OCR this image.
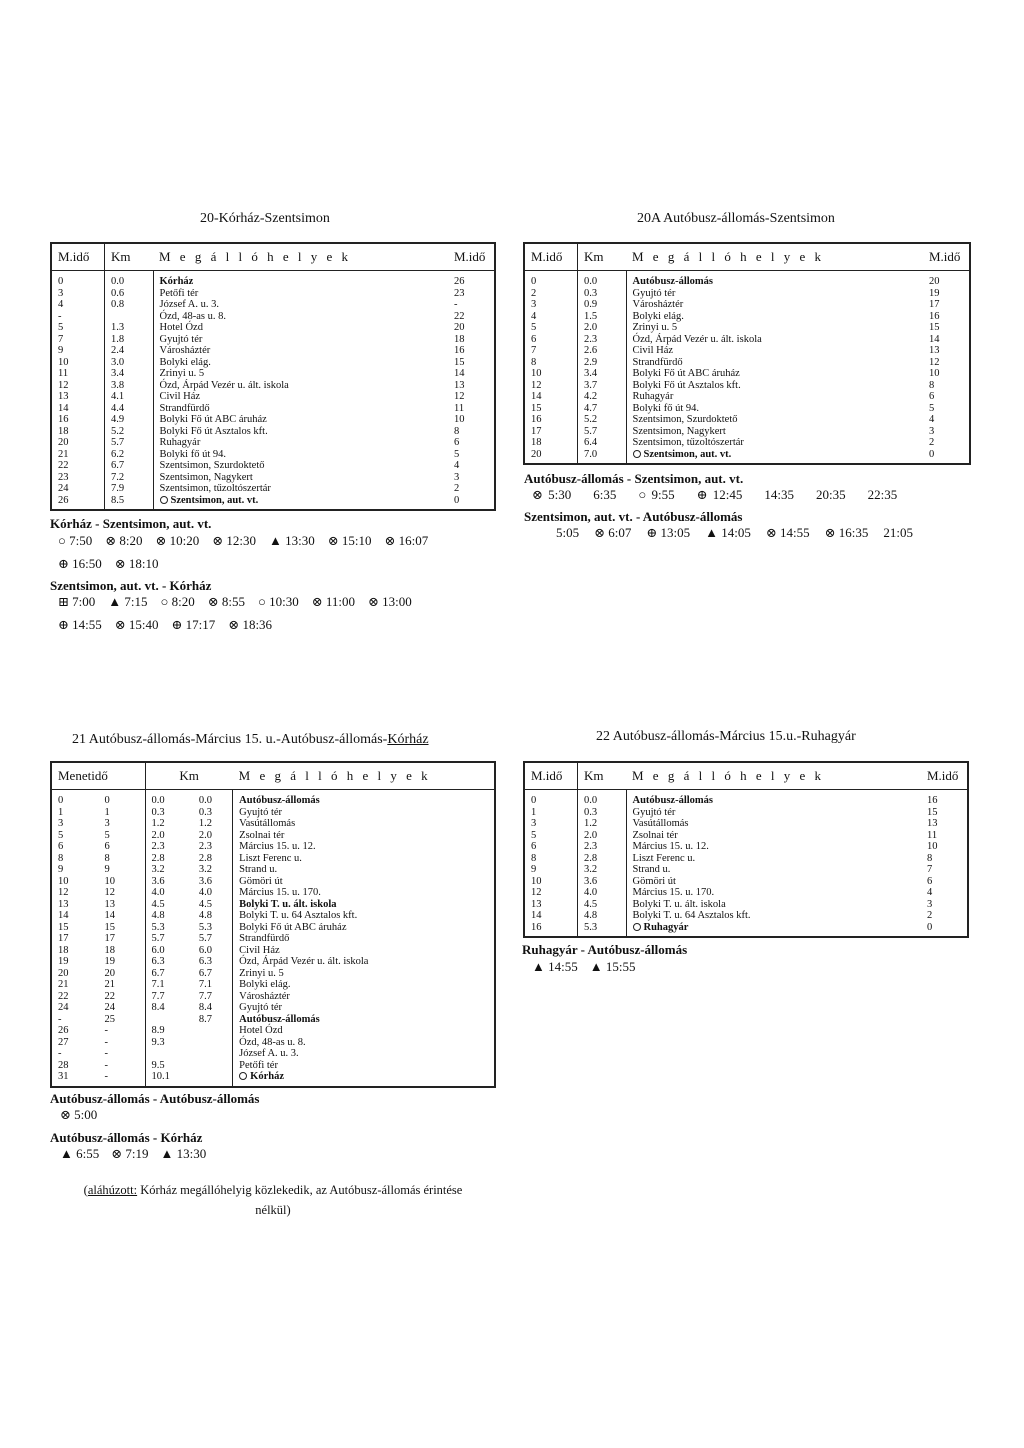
20-Kórház-Szentsimon
M.idő	Km	M e g á l l ó h e l y e k	M.idő
0	0.0	Kórház	26
3	0.6	Petőfi tér	23
4	0.8	József A. u. 3.	-
-		Ózd, 48-as u. 8.	22
5	1.3	Hotel Ózd	20
7	1.8	Gyujtó tér	18
9	2.4	Városháztér	16
10	3.0	Bolyki elág.	15
11	3.4	Zrinyi u. 5	14
12	3.8	Ózd, Árpád Vezér u. ált. iskola	13
13	4.1	Civil Ház	12
14	4.4	Strandfürdő	11
16	4.9	Bolyki Fő út ABC áruház	10
18	5.2	Bolyki Fő út Asztalos kft.	8
20	5.7	Ruhagyár	6
21	6.2	Bolyki fő út 94.	5
22	6.7	Szentsimon, Szurdoktető	4
23	7.2	Szentsimon, Nagykert	3
24	7.9	Szentsimon, tűzoltószertár	2
26	8.5	Szentsimon, aut. vt.	0
Kórház - Szentsimon, aut. vt.
○ 7:50 ⊗ 8:20 ⊗ 10:20 ⊗ 12:30 ▲ 13:30 ⊗ 15:10 ⊗ 16:07
⊕ 16:50 ⊗ 18:10
Szentsimon, aut. vt. - Kórház
⊞ 7:00 ▲ 7:15 ○ 8:20 ⊗ 8:55 ○ 10:30 ⊗ 11:00 ⊗ 13:00
⊕ 14:55 ⊗ 15:40 ⊕ 17:17 ⊗ 18:36
20A Autóbusz-állomás-Szentsimon
M.idő	Km	M e g á l l ó h e l y e k	M.idő
0	0.0	Autóbusz-állomás	20
2	0.3	Gyujtó tér	19
3	0.9	Városháztér	17
4	1.5	Bolyki elág.	16
5	2.0	Zrinyi u. 5	15
6	2.3	Ózd, Árpád Vezér u. ált. iskola	14
7	2.6	Civil Ház	13
8	2.9	Strandfürdő	12
10	3.4	Bolyki Fő út ABC áruház	10
12	3.7	Bolyki Fő út Asztalos kft.	8
14	4.2	Ruhagyár	6
15	4.7	Bolyki fő út 94.	5
16	5.2	Szentsimon, Szurdoktető	4
17	5.7	Szentsimon, Nagykert	3
18	6.4	Szentsimon, tűzoltószertár	2
20	7.0	Szentsimon, aut. vt.	0
Autóbusz-állomás - Szentsimon, aut. vt.
⊗ 5:30 6:35 ○ 9:55 ⊕ 12:45 14:35 20:35 22:35
Szentsimon, aut. vt. - Autóbusz-állomás
5:05 ⊗ 6:07 ⊕ 13:05 ▲ 14:05 ⊗ 14:55 ⊗ 16:35 21:05
21 Autóbusz-állomás-Március 15. u.-Autóbusz-állomás-Kórház
Menetidő		Km		M e g á l l ó h e l y e k
0	0	0.0	0.0	Autóbusz-állomás
1	1	0.3	0.3	Gyujtó tér
3	3	1.2	1.2	Vasútállomás
5	5	2.0	2.0	Zsolnai tér
6	6	2.3	2.3	Március 15. u. 12.
8	8	2.8	2.8	Liszt Ferenc u.
9	9	3.2	3.2	Strand u.
10	10	3.6	3.6	Gömöri út
12	12	4.0	4.0	Március 15. u. 170.
13	13	4.5	4.5	Bolyki T. u. ált. iskola
14	14	4.8	4.8	Bolyki T. u. 64 Asztalos kft.
15	15	5.3	5.3	Bolyki Fő út ABC áruház
17	17	5.7	5.7	Strandfürdő
18	18	6.0	6.0	Civil Ház
19	19	6.3	6.3	Ózd, Árpád Vezér u. ált. iskola
20	20	6.7	6.7	Zrinyi u. 5
21	21	7.1	7.1	Bolyki elág.
22	22	7.7	7.7	Városháztér
24	24	8.4	8.4	Gyujtó tér
-	25		8.7	Autóbusz-állomás
26	-	8.9		Hotel Ózd
27	-	9.3		Ózd, 48-as u. 8.
-	-			József A. u. 3.
28	-	9.5		Petőfi tér
31	-	10.1		Kórház
Autóbusz-állomás - Autóbusz-állomás
⊗ 5:00
Autóbusz-állomás - Kórház
▲ 6:55 ⊗ 7:19 ▲ 13:30
(aláhúzott: Kórház megállóhelyig közlekedik, az Autóbusz-állomás érintése
nélkül)
22 Autóbusz-állomás-Március 15.u.-Ruhagyár
M.idő	Km	M e g á l l ó h e l y e k	M.idő
0	0.0	Autóbusz-állomás	16
1	0.3	Gyujtó tér	15
3	1.2	Vasútállomás	13
5	2.0	Zsolnai tér	11
6	2.3	Március 15. u. 12.	10
8	2.8	Liszt Ferenc u.	8
9	3.2	Strand u.	7
10	3.6	Gömöri út	6
12	4.0	Március 15. u. 170.	4
13	4.5	Bolyki T. u. ált. iskola	3
14	4.8	Bolyki T. u. 64 Asztalos kft.	2
16	5.3	Ruhagyár	0
Ruhagyár - Autóbusz-állomás
▲ 14:55 ▲ 15:55
